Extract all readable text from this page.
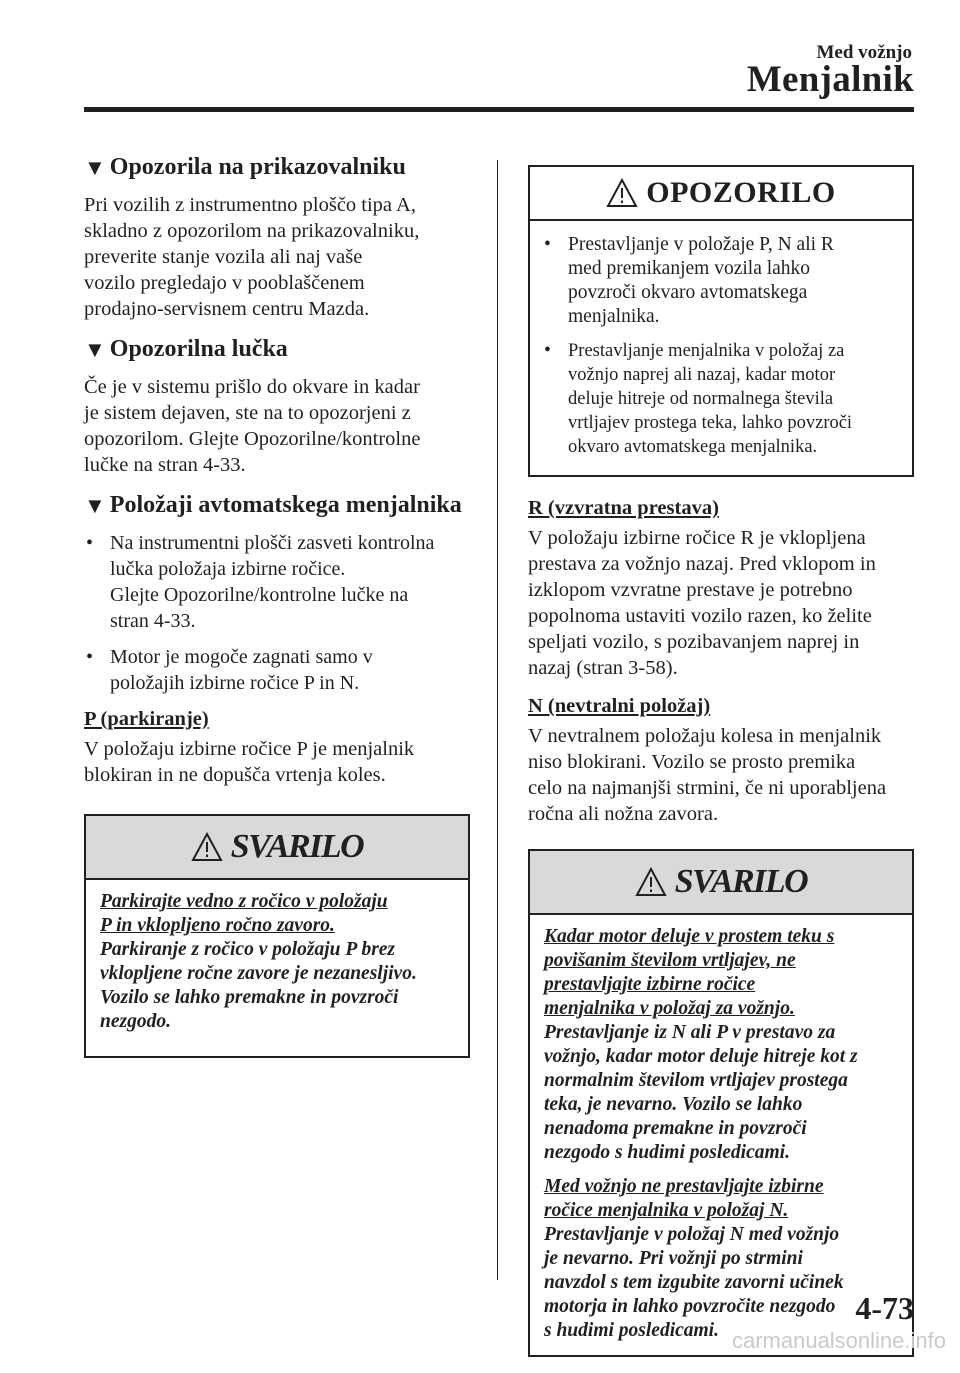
Med vožnjo
Menjalnik
▼ Opozorila na prikazovalniku

Pri vozilih z instrumentno ploščo tipa A,
skladno z opozorilom na prikazovalniku,
preverite stanje vozila ali naj vaše
vozilo pregledajo v pooblaščenem
prodajno-servisnem centru Mazda.

▼ Opozorilna lučka

Če je v sistemu prišlo do okvare in kadar
je sistem dejaven, ste na to opozorjeni z
opozorilom. Glejte Opozorilne/kontrolne
lučke na stran 4-33.

▼ Položaji avtomatskega menjalnika
• Na instrumentni plošči zasveti kontrolna
lučka položaja izbirne ročice.
Glejte Opozorilne/kontrolne lučke na
stran 4-33.
• Motor je mogoče zagnati samo v
položajih izbirne ročice P in N.
P (parkiranje)

V položaju izbirne ročice P je menjalnik
blokiran in ne dopušča vrtenja koles.

SVARILO

Parkirajte vedno z ročico v položaju
P in vklopljeno ročno zavoro.
Parkiranje z ročico v položaju P brez
vklopljene ročne zavore je nezanesljivo.
Vozilo se lahko premakne in povzroči
nezgodo.

OPOZORILO
• Prestavljanje v položaje P, N ali R
med premikanjem vozila lahko
povzroči okvaro avtomatskega
menjalnika.
• Prestavljanje menjalnika v položaj za
vožnjo naprej ali nazaj, kadar motor
deluje hitreje od normalnega števila
vrtljajev prostega teka, lahko povzroči
okvaro avtomatskega menjalnika.
R (vzvratna prestava)

V položaju izbirne ročice R je vklopljena
prestava za vožnjo nazaj. Pred vklopom in
izklopom vzvratne prestave je potrebno
popolnoma ustaviti vozilo razen, ko želite
speljati vozilo, s pozibavanjem naprej in
nazaj (stran 3-58).

N (nevtralni položaj)

V nevtralnem položaju kolesa in menjalnik
niso blokirani. Vozilo se prosto premika
celo na najmanjši strmini, če ni uporabljena
ročna ali nožna zavora.

SVARILO

Kadar motor deluje v prostem teku s
povišanim številom vrtljajev, ne
prestavljajte izbirne ročice
menjalnika v položaj za vožnjo.
Prestavljanje iz N ali P v prestavo za
vožnjo, kadar motor deluje hitreje kot z
normalnim številom vrtljajev prostega
teka, je nevarno. Vozilo se lahko
nenadoma premakne in povzroči
nezgodo s hudimi posledicami.

Med vožnjo ne prestavljajte izbirne
ročice menjalnika v položaj N.
Prestavljanje v položaj N med vožnjo
je nevarno. Pri vožnji po strmini
navzdol s tem izgubite zavorni učinek
motorja in lahko povzročite nezgodo
s hudimi posledicami.

4-73
carmanualsonline.info
